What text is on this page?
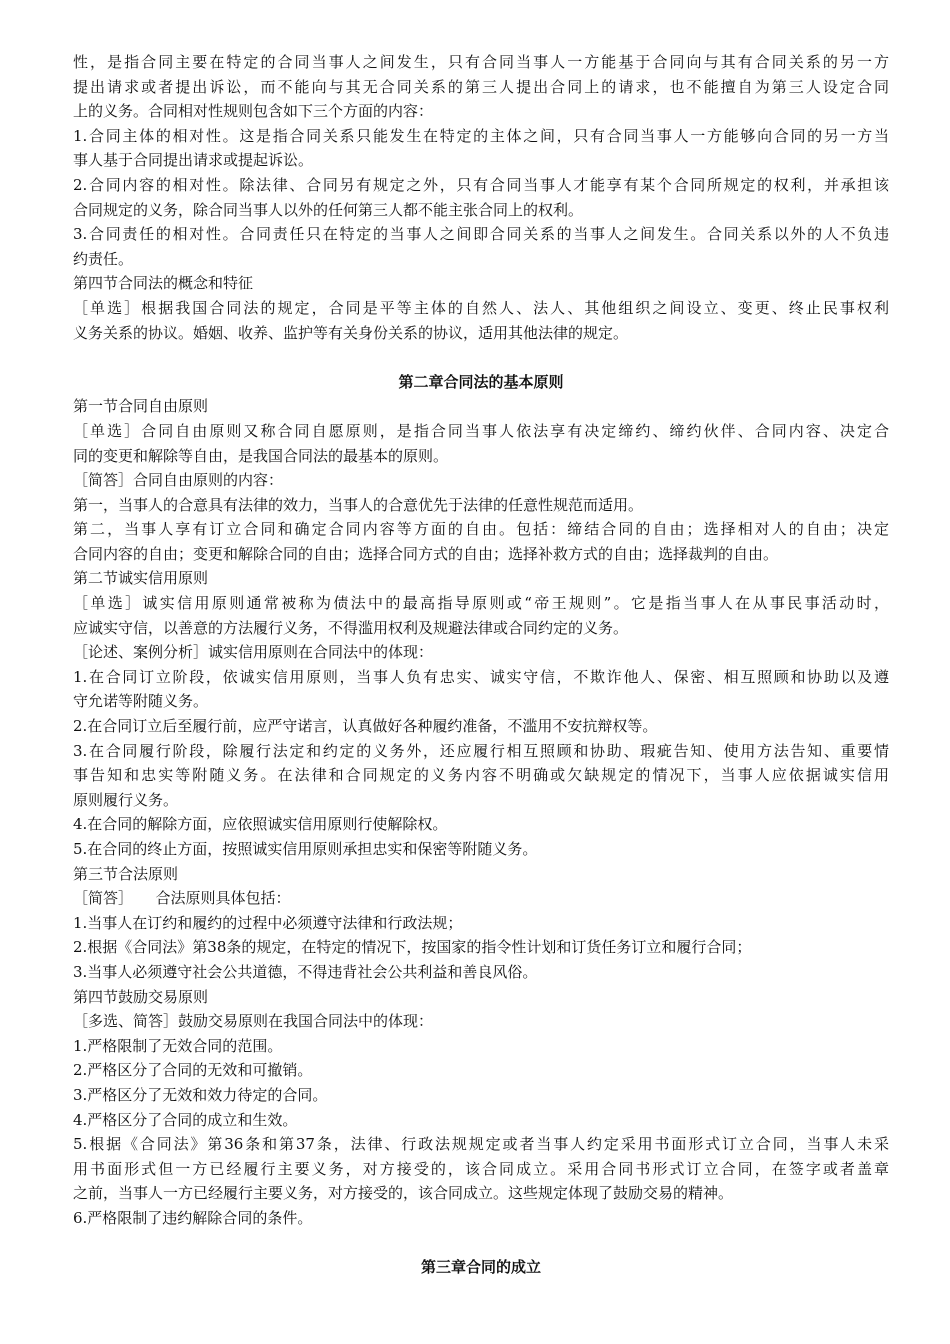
性，是指合同主要在特定的合同当事人之间发生，只有合同当事人一方能基于合同向与其有合同关系的另一方
提出请求或者提出诉讼，而不能向与其无合同关系的第三人提出合同上的请求，也不能擅自为第三人设定合同
上的义务。合同相对性规则包含如下三个方面的内容：
1.合同主体的相对性。这是指合同关系只能发生在特定的主体之间，只有合同当事人一方能够向合同的另一方当
事人基于合同提出请求或提起诉讼。
2.合同内容的相对性。除法律、合同另有规定之外，只有合同当事人才能享有某个合同所规定的权利，并承担该
合同规定的义务，除合同当事人以外的任何第三人都不能主张合同上的权利。
3.合同责任的相对性。合同责任只在特定的当事人之间即合同关系的当事人之间发生。合同关系以外的人不负违
约责任。
第四节合同法的概念和特征
［单选］根据我国合同法的规定，合同是平等主体的自然人、法人、其他组织之间设立、变更、终止民事权利
义务关系的协议。婚姻、收养、监护等有关身份关系的协议，适用其他法律的规定。
第二章合同法的基本原则
第一节合同自由原则
［单选］合同自由原则又称合同自愿原则，是指合同当事人依法享有决定缔约、缔约伙伴、合同内容、决定合
同的变更和解除等自由，是我国合同法的最基本的原则。
［简答］合同自由原则的内容：
第一，当事人的合意具有法律的效力，当事人的合意优先于法律的任意性规范而适用。
第二，当事人享有订立合同和确定合同内容等方面的自由。包括：缔结合同的自由；选择相对人的自由；决定
合同内容的自由；变更和解除合同的自由；选择合同方式的自由；选择补救方式的自由；选择裁判的自由。
第二节诚实信用原则
［单选］诚实信用原则通常被称为债法中的最高指导原则或“帝王规则”。它是指当事人在从事民事活动时，
应诚实守信，以善意的方法履行义务，不得滥用权利及规避法律或合同约定的义务。
［论述、案例分析］诚实信用原则在合同法中的体现：
1.在合同订立阶段，依诚实信用原则，当事人负有忠实、诚实守信，不欺诈他人、保密、相互照顾和协助以及遵
守允诺等附随义务。
2.在合同订立后至履行前，应严守诺言，认真做好各种履约准备，不滥用不安抗辩权等。
3.在合同履行阶段，除履行法定和约定的义务外，还应履行相互照顾和协助、瑕疵告知、使用方法告知、重要情
事告知和忠实等附随义务。在法律和合同规定的义务内容不明确或欠缺规定的情况下，当事人应依据诚实信用
原则履行义务。
4.在合同的解除方面，应依照诚实信用原则行使解除权。
5.在合同的终止方面，按照诚实信用原则承担忠实和保密等附随义务。
第三节合法原则
［简答］　　合法原则具体包括：
1.当事人在订约和履约的过程中必须遵守法律和行政法规；
2.根据《合同法》第38条的规定，在特定的情况下，按国家的指令性计划和订货任务订立和履行合同；
3.当事人必须遵守社会公共道德，不得违背社会公共利益和善良风俗。
第四节鼓励交易原则
［多选、简答］鼓励交易原则在我国合同法中的体现：
1.严格限制了无效合同的范围。
2.严格区分了合同的无效和可撤销。
3.严格区分了无效和效力待定的合同。
4.严格区分了合同的成立和生效。
5.根据《合同法》第36条和第37条，法律、行政法规规定或者当事人约定采用书面形式订立合同，当事人未采
用书面形式但一方已经履行主要义务，对方接受的，该合同成立。采用合同书形式订立合同，在签字或者盖章
之前，当事人一方已经履行主要义务，对方接受的，该合同成立。这些规定体现了鼓励交易的精神。
6.严格限制了违约解除合同的条件。
第三章合同的成立
